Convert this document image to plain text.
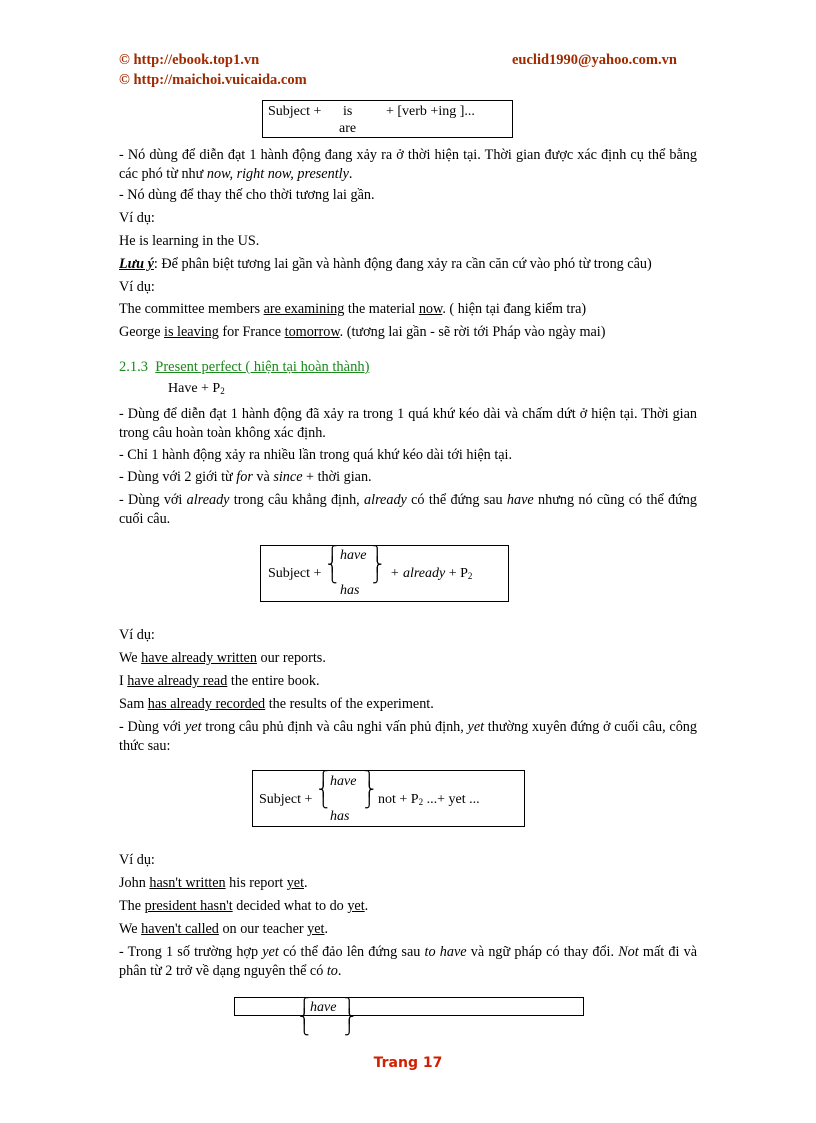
© http://ebook.top1.vn
© http://maichoi.vuicaida.com
euclid1990@yahoo.com.vn
Subject + is
are
+ [verb +ing ]...
- Nó dùng để diễn đạt 1 hành động đang xảy ra ở thời hiện tại. Thời gian được xác định cụ thể bằng các phó từ như now, right now, presently.
- Nó dùng để thay thế cho thời tương lai gần.
Ví dụ:
He is learning in the US.
Lưu ý: Để phân biệt tương lai gần và hành động đang xảy ra cần căn cứ vào phó từ trong câu)
Ví dụ:
The committee members are examining the material now. ( hiện tại đang kiểm tra)
George is leaving for France tomorrow. (tương lai gần - sẽ rời tới Pháp vào ngày mai)
2.1.3 Present perfect ( hiện tại hoàn thành)
Have + $P_2$
- Dùng để diễn đạt 1 hành động đã xảy ra trong 1 quá khứ kéo dài và chấm dứt ở hiện tại. Thời gian trong câu hoàn toàn không xác định.
- Chỉ 1 hành động xảy ra nhiều lần trong quá khứ kéo dài tới hiện tại.
- Dùng với 2 giới từ for và since + thời gian.
- Dùng với already trong câu khẳng định, already có thể đứng sau have nhưng nó cũng có thể đứng cuối câu.
Subject +
⎧
⎨
⎩
have
has
⎫
⎬
⎭ + already + $P_2$
Ví dụ:
We have already written our reports.
I have already read the entire book.
Sam has already recorded the results of the experiment.
- Dùng với yet trong câu phủ định và câu nghi vấn phủ định, yet thường xuyên đứng ở cuối câu, công thức sau:
Subject +
⎧
⎨
⎩
have
has
⎫
⎬
⎭ not + $P_2$ ...+ yet ...
Ví dụ:
John hasn't written his report yet.
The president hasn't decided what to do yet.
We haven't called on our teacher yet.
- Trong 1 số trường hợp yet có thể đảo lên đứng sau to have và ngữ pháp có thay đổi. Not mất đi và phân từ 2 trở về dạng nguyên thể có to.
⎧
⎨
⎩
have ⎫
⎬
⎭
Trang 17
